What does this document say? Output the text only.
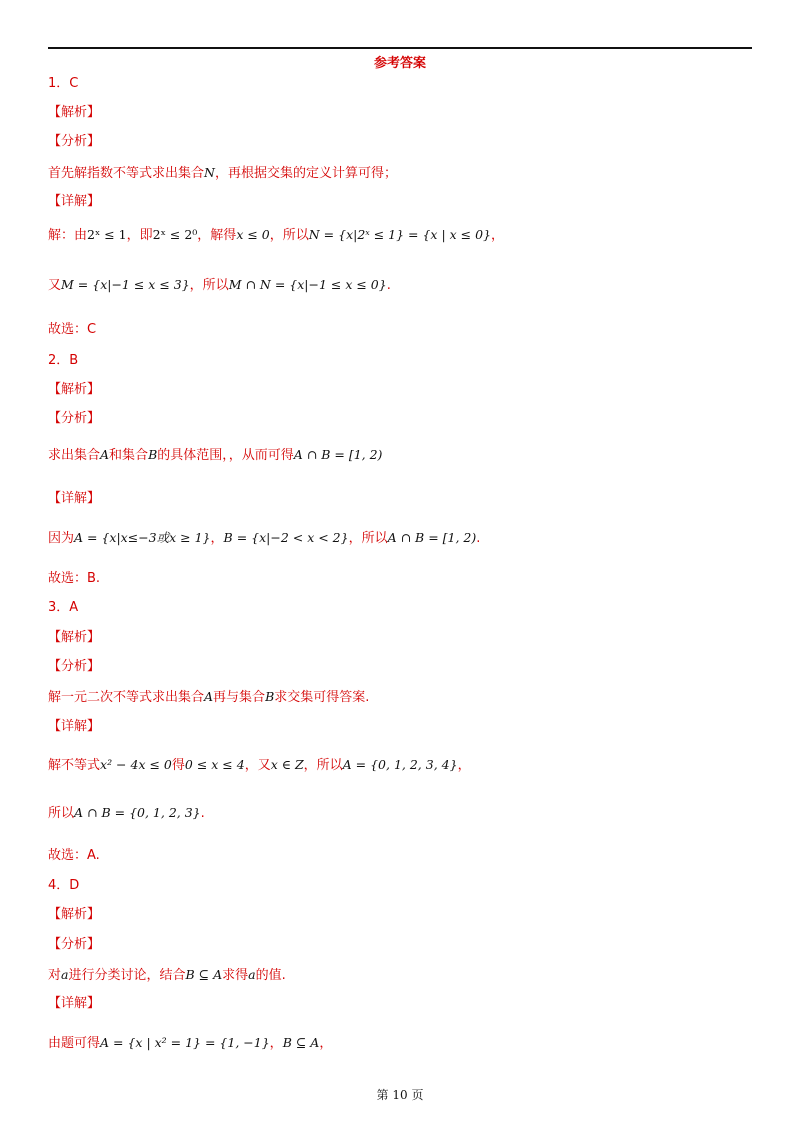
参考答案
1．C
【解析】
【分析】
首先解指数不等式求出集合N，再根据交集的定义计算可得；
【详解】
解：由2ˣ ≤ 1，即2ˣ ≤ 2⁰，解得x ≤ 0，所以N = {x|2ˣ ≤ 1} = {x | x ≤ 0}，
又M = {x|−1 ≤ x ≤ 3}，所以M ∩ N = {x|−1 ≤ x ≤ 0}.
故选：C
2．B
【解析】
【分析】
求出集合A和集合B的具体范围，，从而可得A ∩ B = [1, 2)
【详解】
因为A = {x|x≤−3或x ≥ 1}，B = {x|−2 < x < 2}，所以A ∩ B = [1, 2).
故选：B.
3．A
【解析】
【分析】
解一元二次不等式求出集合A再与集合B求交集可得答案.
【详解】
解不等式x² − 4x ≤ 0得0 ≤ x ≤ 4，又x ∈ Z，所以A = {0, 1, 2, 3, 4}，
所以A ∩ B = {0, 1, 2, 3}.
故选：A.
4．D
【解析】
【分析】
对a进行分类讨论，结合B ⊆ A求得a的值.
【详解】
由题可得A = {x | x² = 1} = {1, −1}，B ⊆ A，
第 10 页
